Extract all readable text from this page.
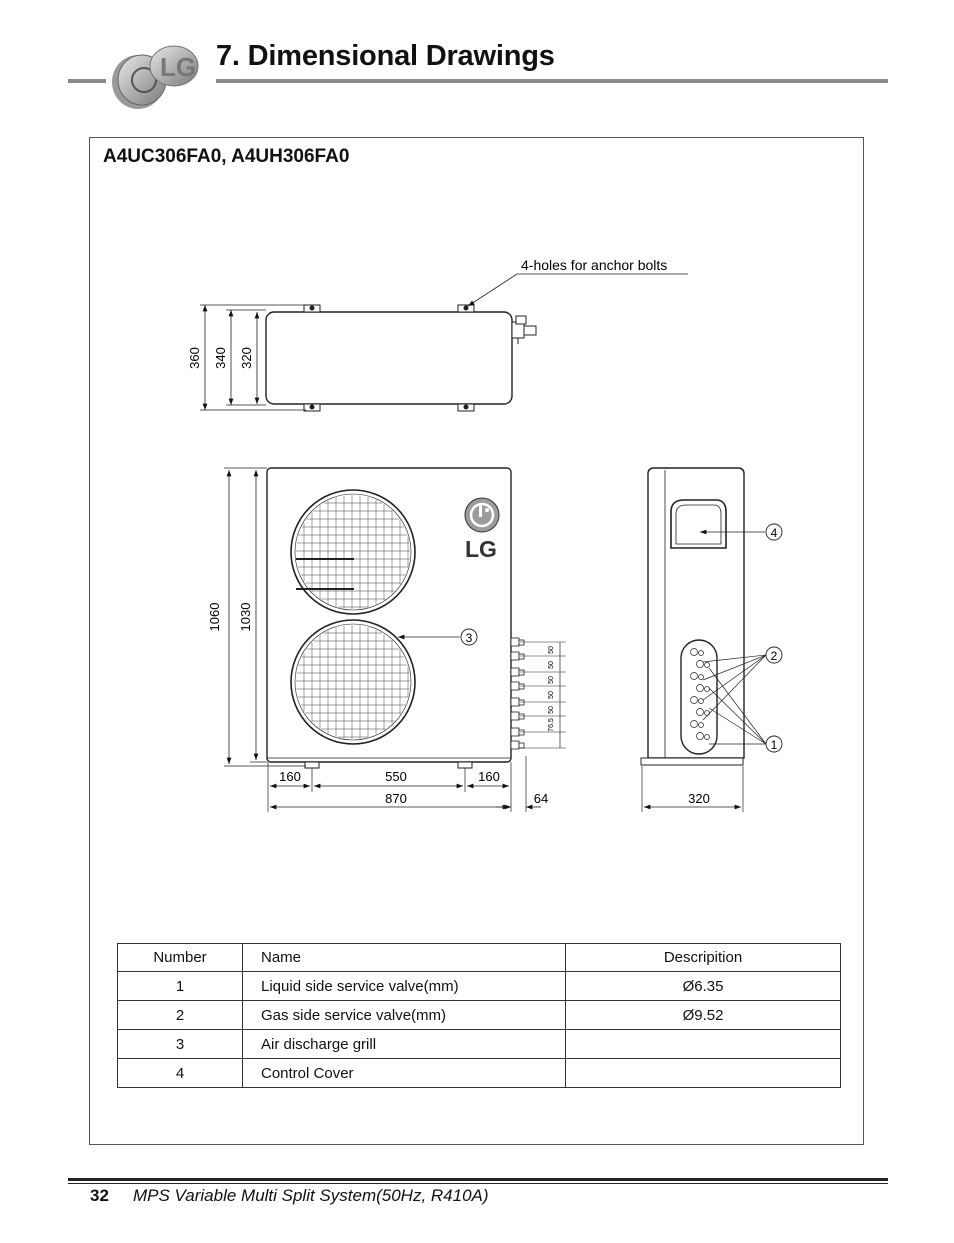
LG 7. Dimensional Drawings
A4UC306FA0, A4UH306FA0
360 340 320
4-holes for anchor bolts
LG
3
1060 1030
160	550	160
870	64
4
2
1
320
50
50
50
50
50
76.5
Number	Name	Descripition
1	Liquid side service valve(mm)	Ø6.35
2	Gas side service valve(mm)	Ø9.52
3	Air discharge grill	
4	Control Cover	
32 MPS Variable Multi Split System(50Hz, R410A)
